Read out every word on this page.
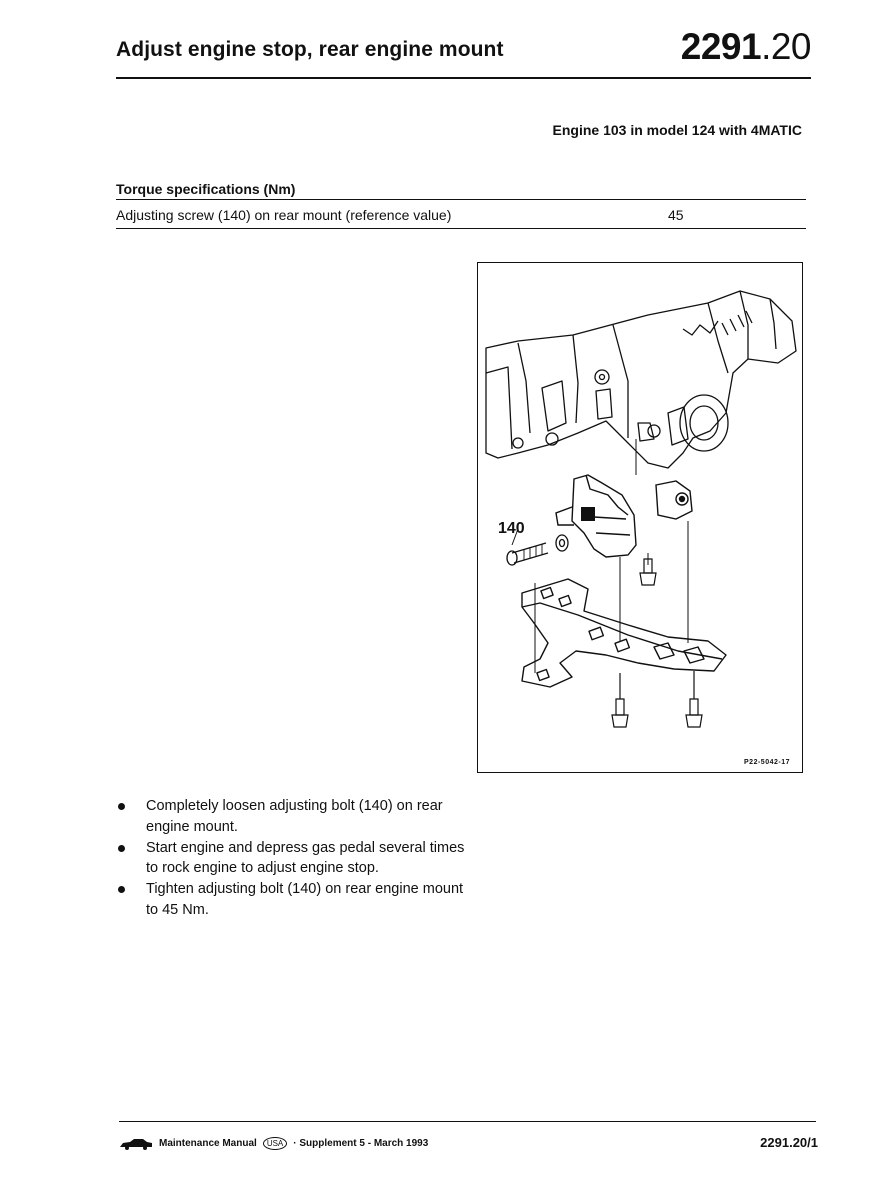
Adjust engine stop, rear engine mount	2291.20
Engine 103 in model 124 with 4MATIC
Torque specifications (Nm)
Adjusting screw (140) on rear mount (reference value)	45
140
P22-5042-17
Completely loosen adjusting bolt (140) on rear engine mount.
Start engine and depress gas pedal several times to rock engine to adjust engine stop.
Tighten adjusting bolt (140) on rear engine mount to 45 Nm.
Maintenance Manual	USA	· Supplement 5 - March 1993	2291.20/1
